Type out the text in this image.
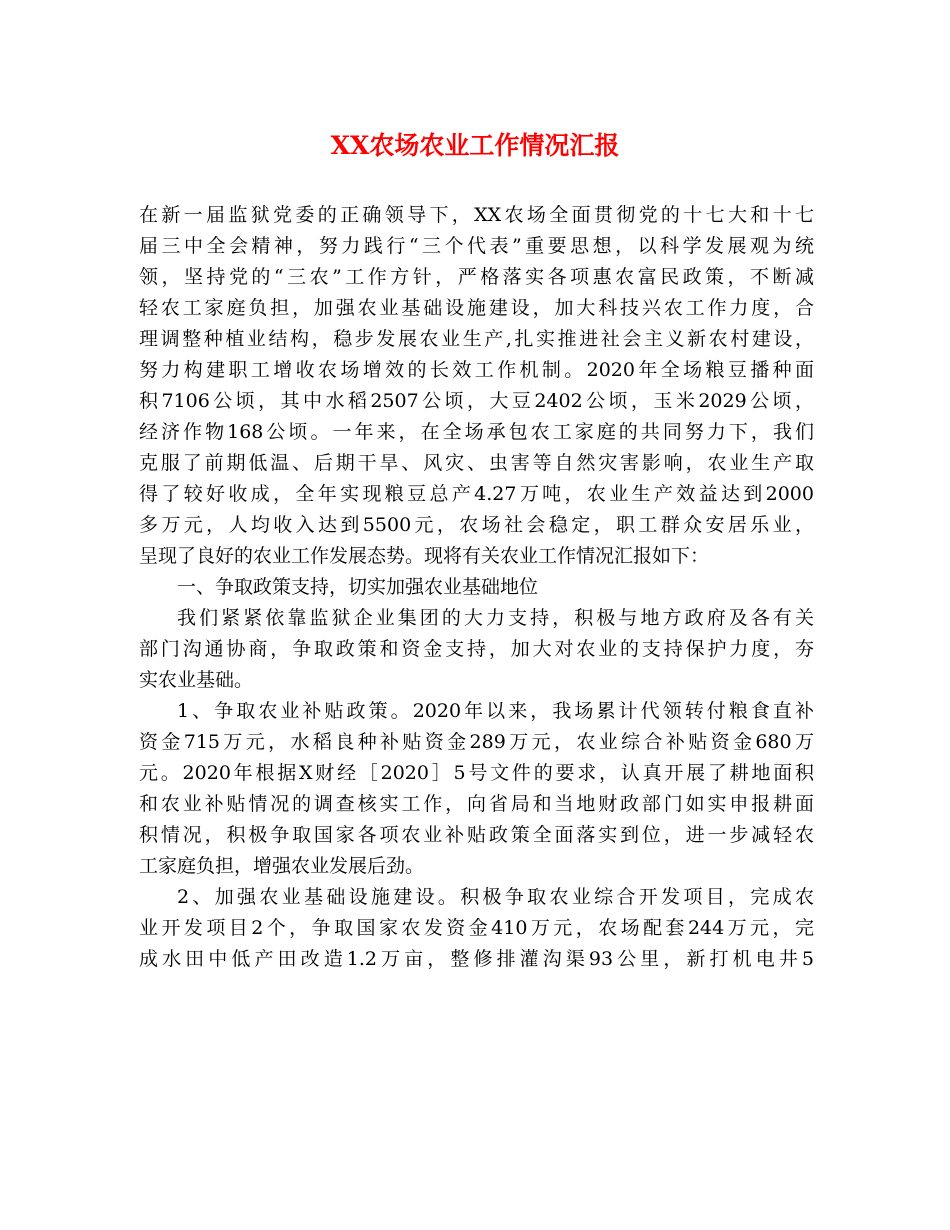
XX农场农业工作情况汇报
在新一届监狱党委的正确领导下，XX农场全面贯彻党的十七大和十七
届三中全会精神，努力践行“三个代表”重要思想，以科学发展观为统
领，坚持党的“三农”工作方针，严格落实各项惠农富民政策，不断减
轻农工家庭负担，加强农业基础设施建设，加大科技兴农工作力度，合
理调整种植业结构，稳步发展农业生产,扎实推进社会主义新农村建设，
努力构建职工增收农场增效的长效工作机制。2020年全场粮豆播种面
积7106公顷，其中水稻2507公顷，大豆2402公顷，玉米2029公顷，
经济作物168公顷。一年来，在全场承包农工家庭的共同努力下，我们
克服了前期低温、后期干旱、风灾、虫害等自然灾害影响，农业生产取
得了较好收成，全年实现粮豆总产4.27万吨，农业生产效益达到2000
多万元，人均收入达到5500元，农场社会稳定，职工群众安居乐业，
呈现了良好的农业工作发展态势。现将有关农业工作情况汇报如下：
一、争取政策支持，切实加强农业基础地位
我们紧紧依靠监狱企业集团的大力支持，积极与地方政府及各有关
部门沟通协商，争取政策和资金支持，加大对农业的支持保护力度，夯
实农业基础。
1、争取农业补贴政策。2020年以来，我场累计代领转付粮食直补
资金715万元，水稻良种补贴资金289万元，农业综合补贴资金680万
元。2020年根据X财经［2020］5号文件的要求，认真开展了耕地面积
和农业补贴情况的调查核实工作，向省局和当地财政部门如实申报耕面
积情况，积极争取国家各项农业补贴政策全面落实到位，进一步减轻农
工家庭负担，增强农业发展后劲。
2、加强农业基础设施建设。积极争取农业综合开发项目，完成农
业开发项目2个，争取国家农发资金410万元，农场配套244万元，完
成水田中低产田改造1.2万亩，整修排灌沟渠93公里，新打机电井5
